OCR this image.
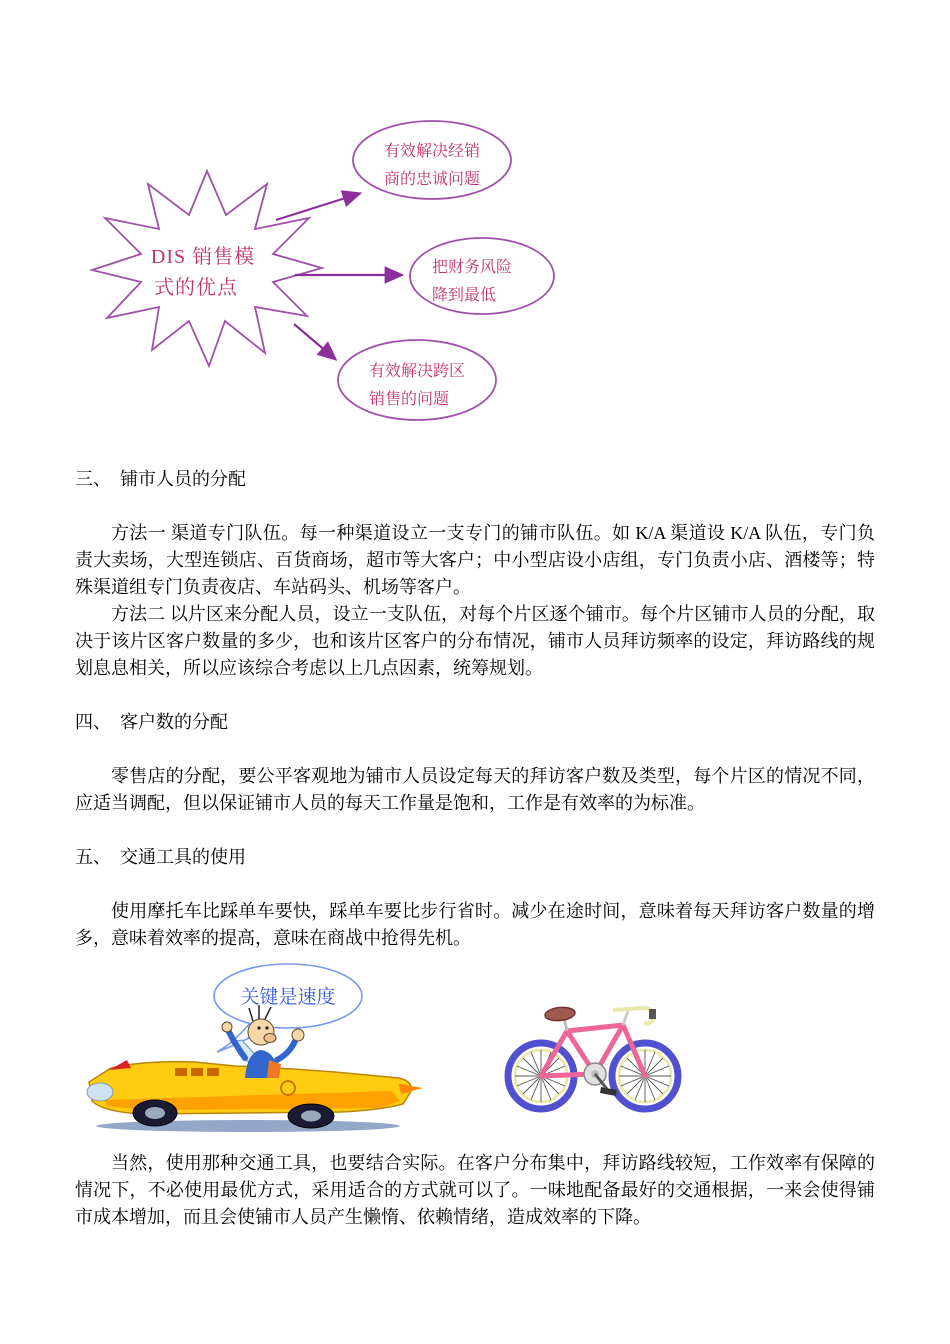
DIS 销售模
式的优点
有效解决经销
商的忠诚问题
把财务风险
降到最低
有效解决跨区
销售的问题
三、　铺市人员的分配

方法一 渠道专门队伍。每一种渠道设立一支专门的铺市队伍。如 K/A 渠道设 K/A 队伍，专门负责大卖场，大型连锁店、百货商场，超市等大客户；中小型店设小店组，专门负责小店、酒楼等；特殊渠道组专门负责夜店、车站码头、机场等客户。

方法二 以片区来分配人员，设立一支队伍，对每个片区逐个铺市。每个片区铺市人员的分配，取决于该片区客户数量的多少，也和该片区客户的分布情况，铺市人员拜访频率的设定，拜访路线的规划息息相关，所以应该综合考虑以上几点因素，统筹规划。

四、　客户数的分配

零售店的分配，要公平客观地为铺市人员设定每天的拜访客户数及类型，每个片区的情况不同，应适当调配，但以保证铺市人员的每天工作量是饱和，工作是有效率的为标准。

五、　交通工具的使用

使用摩托车比踩单车要快，踩单车要比步行省时。减少在途时间，意味着每天拜访客户数量的增多，意味着效率的提高，意味在商战中抢得先机。

关键是速度

当然，使用那种交通工具，也要结合实际。在客户分布集中，拜访路线较短，工作效率有保障的情况下，不必使用最优方式，采用适合的方式就可以了。一味地配备最好的交通根据，一来会使得铺市成本增加，而且会使铺市人员产生懒惰、依赖情绪，造成效率的下降。
